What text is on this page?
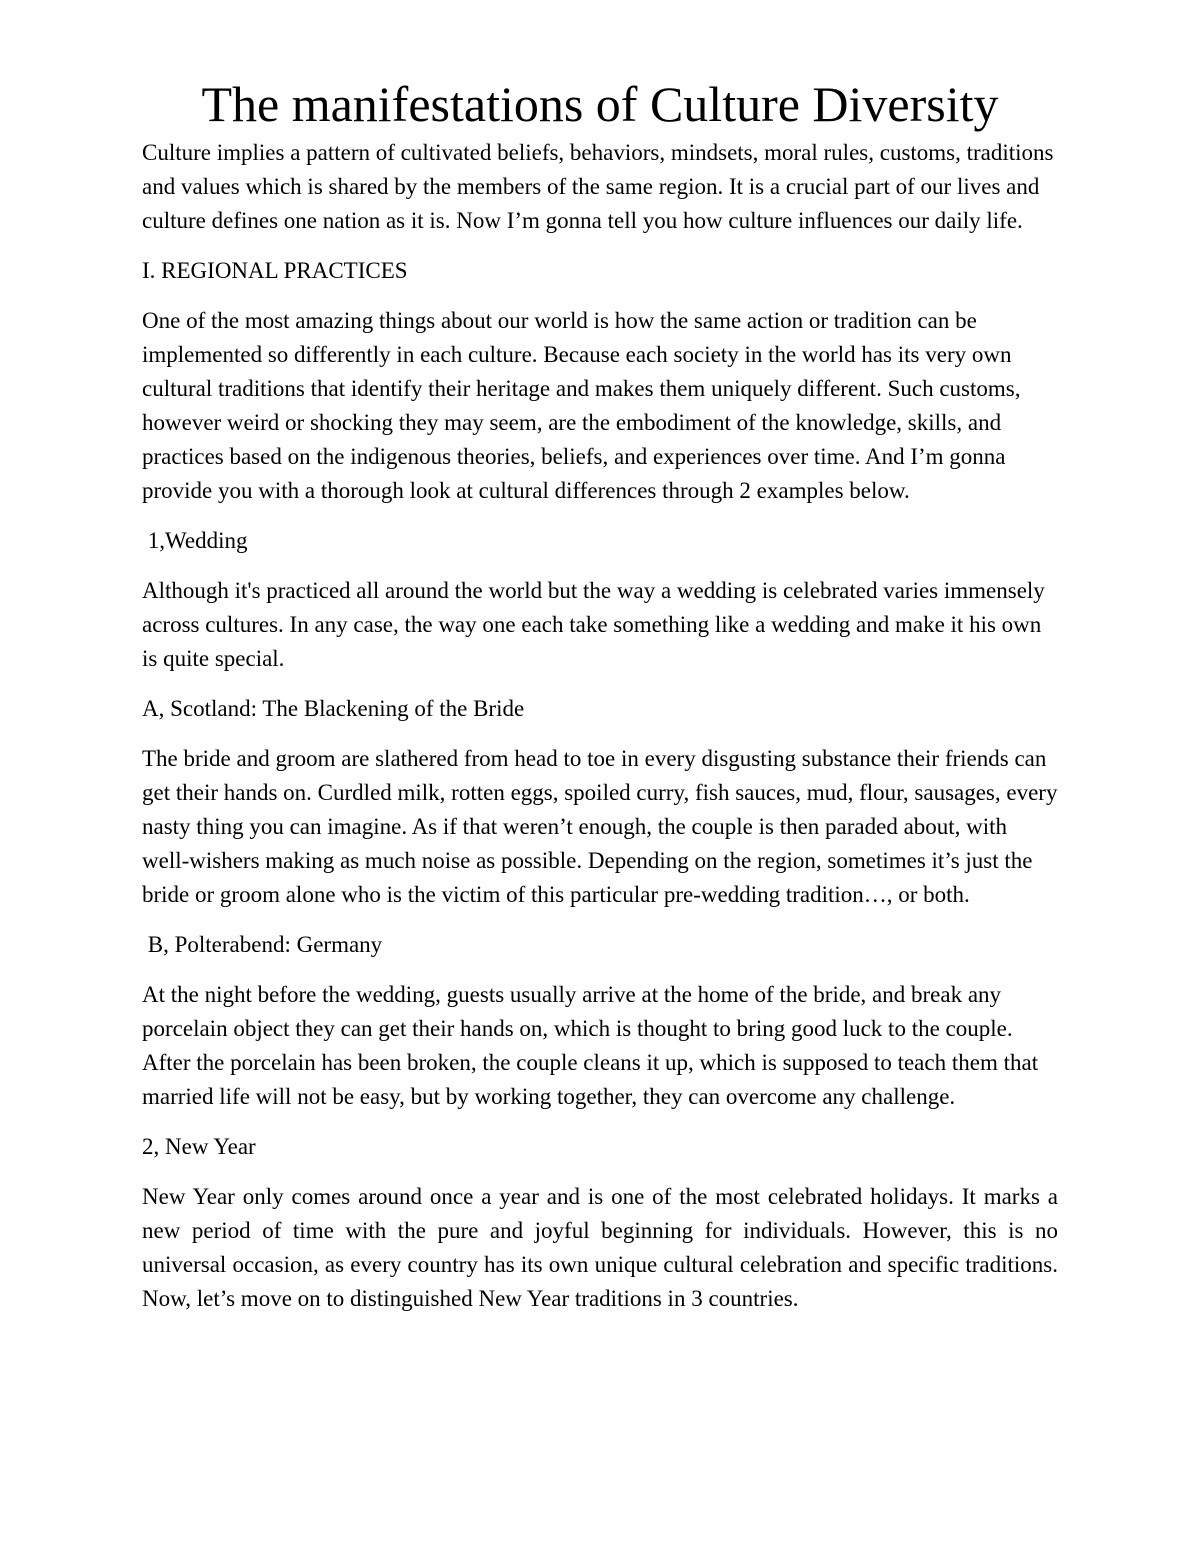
The manifestations of Culture Diversity

Culture implies a pattern of cultivated beliefs, behaviors, mindsets, moral rules, customs, traditions and values which is shared by the members of the same region. It is a crucial part of our lives and culture defines one nation as it is. Now I’m gonna tell you how culture influences our daily life.

I. REGIONAL PRACTICES

One of the most amazing things about our world is how the same action or tradition can be implemented so differently in each culture. Because each society in the world has its very own cultural traditions that identify their heritage and makes them uniquely different. Such customs, however weird or shocking they may seem, are the embodiment of the knowledge, skills, and practices based on the indigenous theories, beliefs, and experiences over time. And I’m gonna provide you with a thorough look at cultural differences through 2 examples below.

1,Wedding

Although it's practiced all around the world but the way a wedding is celebrated varies immensely across cultures. In any case, the way one each take something like a wedding and make it his own is quite special.

A, Scotland: The Blackening of the Bride

The bride and groom are slathered from head to toe in every disgusting substance their friends can get their hands on. Curdled milk, rotten eggs, spoiled curry, fish sauces, mud, flour, sausages, every nasty thing you can imagine. As if that weren’t enough, the couple is then paraded about, with well-wishers making as much noise as possible. Depending on the region, sometimes it’s just the bride or groom alone who is the victim of this particular pre-wedding tradition…, or both.

B, Polterabend: Germany

At the night before the wedding, guests usually arrive at the home of the bride, and break any porcelain object they can get their hands on, which is thought to bring good luck to the couple. After the porcelain has been broken, the couple cleans it up, which is supposed to teach them that married life will not be easy, but by working together, they can overcome any challenge.

2, New Year

New Year only comes around once a year and is one of the most celebrated holidays. It marks a new period of time with the pure and joyful beginning for individuals. However, this is no universal occasion, as every country has its own unique cultural celebration and specific traditions. Now, let’s move on to distinguished New Year traditions in 3 countries.
